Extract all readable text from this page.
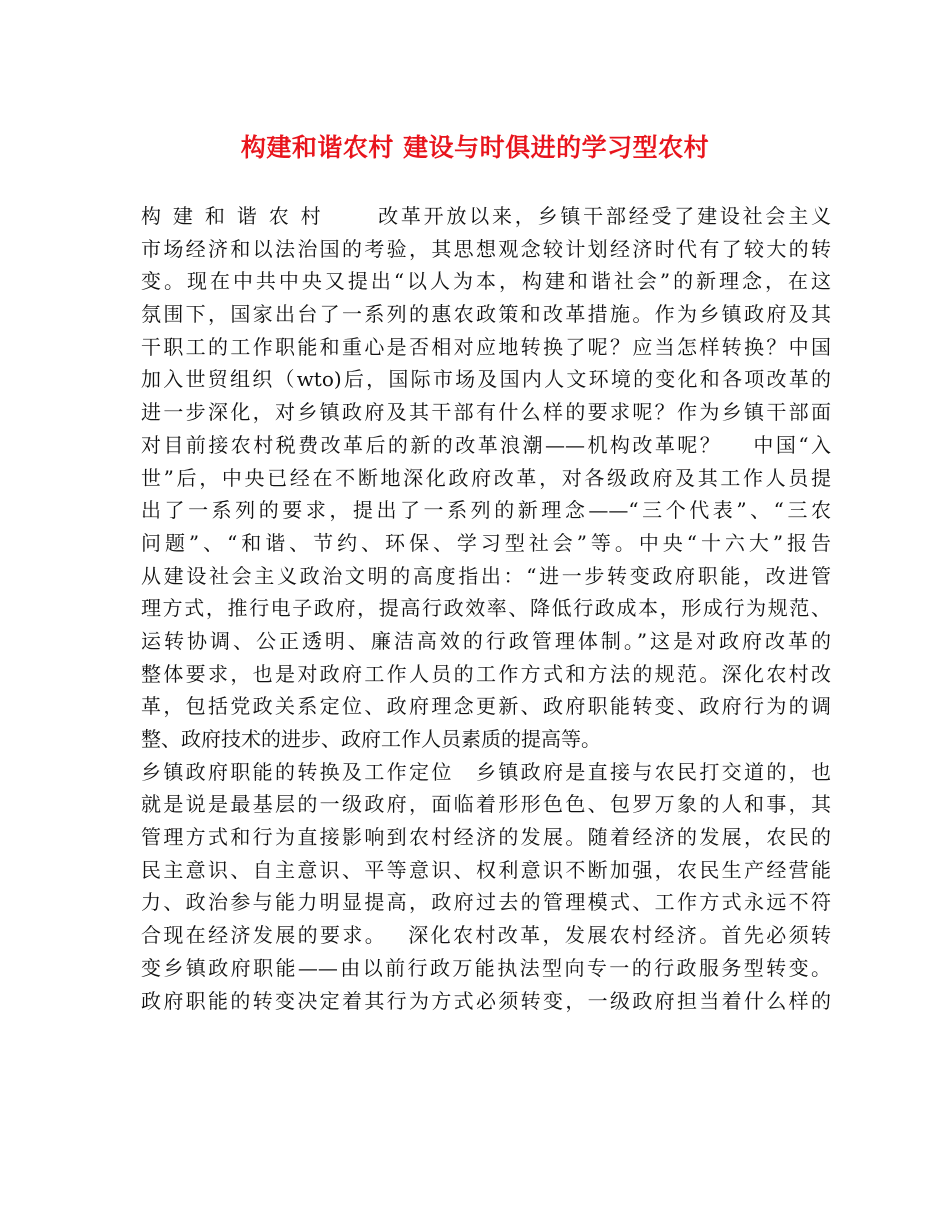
构建和谐农村 建设与时俱进的学习型农村
构 建 和 谐 农 村　　 改革开放以来，乡镇干部经受了建设社会主义
市场经济和以法治国的考验，其思想观念较计划经济时代有了较大的转
变。现在中共中央又提出“以人为本，构建和谐社会”的新理念，在这
氛围下，国家出台了一系列的惠农政策和改革措施。作为乡镇政府及其
干职工的工作职能和重心是否相对应地转换了呢？应当怎样转换？中国
加入世贸组织（wto)后，国际市场及国内人文环境的变化和各项改革的
进一步深化，对乡镇政府及其干部有什么样的要求呢？作为乡镇干部面
对目前接农村税费改革后的新的改革浪潮——机构改革呢？　 中国“入
世”后，中央已经在不断地深化政府改革，对各级政府及其工作人员提
出了一系列的要求，提出了一系列的新理念——“三个代表”、“三农
问题”、“和谐、节约、环保、学习型社会”等。中央“十六大”报告
从建设社会主义政治文明的高度指出：“进一步转变政府职能，改进管
理方式，推行电子政府，提高行政效率、降低行政成本，形成行为规范、
运转协调、公正透明、廉洁高效的行政管理体制。”这是对政府改革的
整体要求，也是对政府工作人员的工作方式和方法的规范。深化农村改
革，包括党政关系定位、政府理念更新、政府职能转变、政府行为的调
整、政府技术的进步、政府工作人员素质的提高等。
乡镇政府职能的转换及工作定位　乡镇政府是直接与农民打交道的，也
就是说是最基层的一级政府，面临着形形色色、包罗万象的人和事，其
管理方式和行为直接影响到农村经济的发展。随着经济的发展，农民的
民主意识、自主意识、平等意识、权利意识不断加强，农民生产经营能
力、政治参与能力明显提高，政府过去的管理模式、工作方式永远不符
合现在经济发展的要求。　 深化农村改革，发展农村经济。首先必须转
变乡镇政府职能——由以前行政万能执法型向专一的行政服务型转变。
政府职能的转变决定着其行为方式必须转变，一级政府担当着什么样的
